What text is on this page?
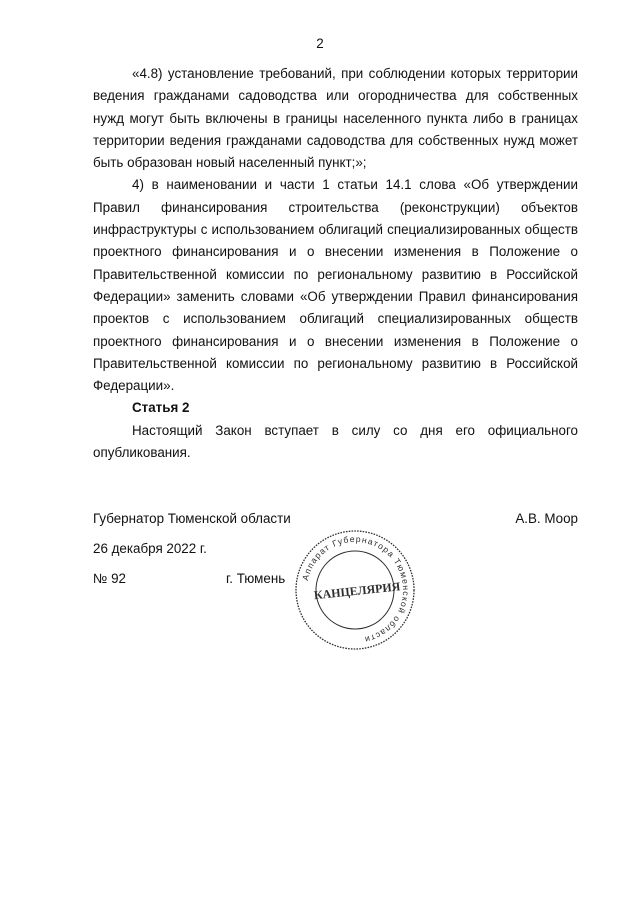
2

«4.8) установление требований, при соблюдении которых территории ведения гражданами садоводства или огородничества для собственных нужд могут быть включены в границы населенного пункта либо в границах территории ведения гражданами садоводства для собственных нужд может быть образован новый населенный пункт;»;

4) в наименовании и части 1 статьи 14.1 слова «Об утверждении Правил финансирования строительства (реконструкции) объектов инфраструктуры с использованием облигаций специализированных обществ проектного финансирования и о внесении изменения в Положение о Правительственной комиссии по региональному развитию в Российской Федерации» заменить словами «Об утверждении Правил финансирования проектов с использованием облигаций специализированных обществ проектного финансирования и о внесении изменения в Положение о Правительственной комиссии по региональному развитию в Российской Федерации».

Статья 2

Настоящий Закон вступает в силу со дня его официального опубликования.

Губернатор Тюменской области	А.В. Моор
26 декабря 2022 г.
№ 92	г. Тюмень Аппарат Губернатора Тюменской области
КАНЦЕЛЯРИЯ
